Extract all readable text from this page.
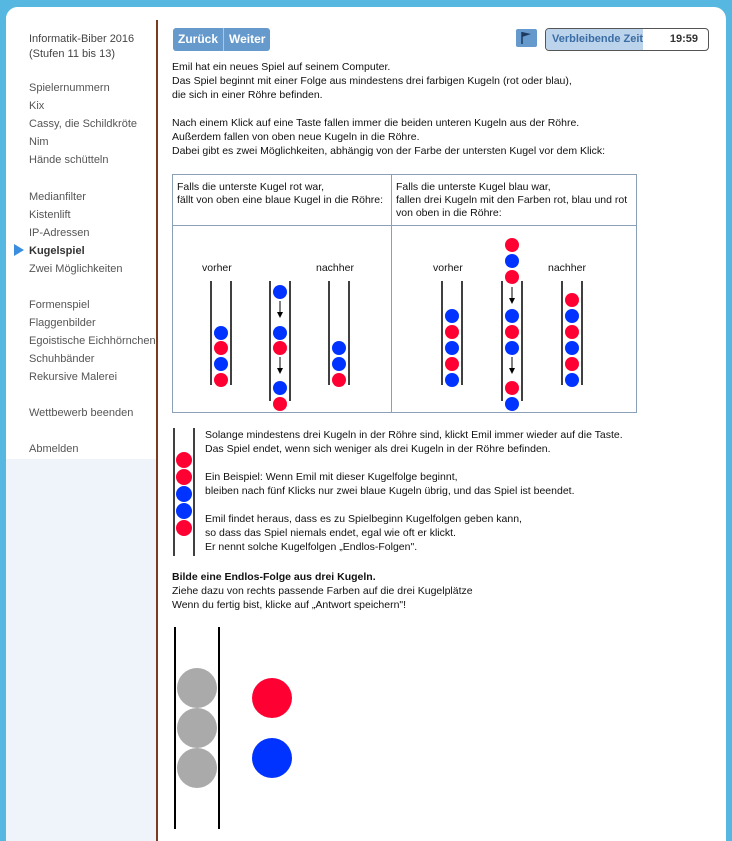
Informatik-Biber 2016
(Stufen 11 bis 13)
Spielernummern
Kix
Cassy, die Schildkröte
Nim
Hände schütteln
Medianfilter
Kistenlift
IP-Adressen
Kugelspiel
Zwei Möglichkeiten
Formenspiel
Flaggenbilder
Egoistische Eichhörnchen
Schuhbänder
Rekursive Malerei
Wettbewerb beenden
Abmelden
Zurück Weiter	Verbleibende Zeit 19:59
Emil hat ein neues Spiel auf seinem Computer.
Das Spiel beginnt mit einer Folge aus mindestens drei farbigen Kugeln (rot oder blau),
die sich in einer Röhre befinden.
Nach einem Klick auf eine Taste fallen immer die beiden unteren Kugeln aus der Röhre.
Außerdem fallen von oben neue Kugeln in die Röhre.
Dabei gibt es zwei Möglichkeiten, abhängig von der Farbe der untersten Kugel vor dem Klick:
Falls die unterste Kugel rot war,
fällt von oben eine blaue Kugel in die Röhre:
Falls die unterste Kugel blau war,
fallen drei Kugeln mit den Farben rot, blau und rot
von oben in die Röhre:
vorher	nachher	vorher	nachher
Solange mindestens drei Kugeln in der Röhre sind, klickt Emil immer wieder auf die Taste.
Das Spiel endet, wenn sich weniger als drei Kugeln in der Röhre befinden.
Ein Beispiel: Wenn Emil mit dieser Kugelfolge beginnt,
bleiben nach fünf Klicks nur zwei blaue Kugeln übrig, und das Spiel ist beendet.
Emil findet heraus, dass es zu Spielbeginn Kugelfolgen geben kann,
so dass das Spiel niemals endet, egal wie oft er klickt.
Er nennt solche Kugelfolgen „Endlos-Folgen".
Bilde eine Endlos-Folge aus drei Kugeln.
Ziehe dazu von rechts passende Farben auf die drei Kugelplätze
Wenn du fertig bist, klicke auf „Antwort speichern"!
